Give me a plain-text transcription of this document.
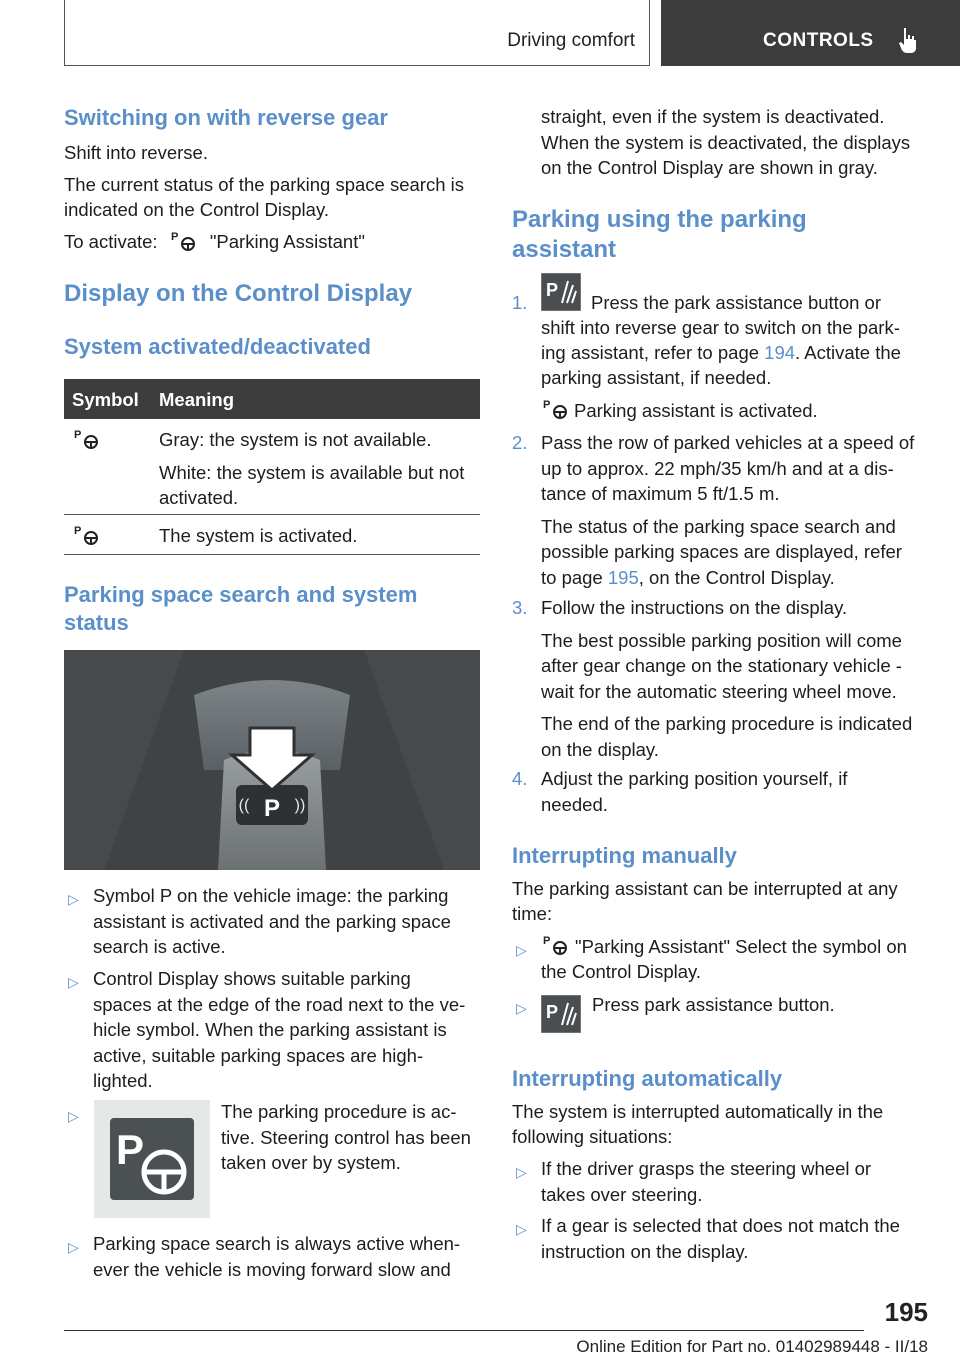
Driving comfort	CONTROLS
Switching on with reverse gear
Shift into reverse.
The current status of the parking space search is
indicated on the Control Display.
To activate: P "Parking Assistant"
Display on the Control Display
System activated/deactivated
Symbol Meaning
P	Gray: the system is not available.
White: the system is available but not
activated.
P	The system is activated.
Parking space search and system
status
P
((	))
▷ Symbol P on the vehicle image: the parking
assistant is activated and the parking space
search is active.
▷ Control Display shows suitable parking
spaces at the edge of the road next to the ve-
hicle symbol. When the parking assistant is
active, suitable parking spaces are high-
lighted.
▷
P
The parking procedure is ac-
tive. Steering control has been
taken over by system.
▷ Parking space search is always active when-
ever the vehicle is moving forward slow and
straight, even if the system is deactivated.
When the system is deactivated, the displays
on the Control Display are shown in gray.
Parking using the parking
assistant
1.
P
Press the park assistance button or
shift into reverse gear to switch on the park-
ing assistant, refer to page 194. Activate the
parking assistant, if needed.
P Parking assistant is activated.
2. Pass the row of parked vehicles at a speed of
up to approx. 22 mph/35 km/h and at a dis-
tance of maximum 5 ft/1.5 m.
The status of the parking space search and
possible parking spaces are displayed, refer
to page 195, on the Control Display.
3. Follow the instructions on the display.
The best possible parking position will come
after gear change on the stationary vehicle -
wait for the automatic steering wheel move.
The end of the parking procedure is indicated
on the display.
4. Adjust the parking position yourself, if
needed.
Interrupting manually
The parking assistant can be interrupted at any
time:
▷
P "Parking Assistant" Select the symbol on
the Control Display.
▷ P Press park assistance button.
Interrupting automatically
The system is interrupted automatically in the
following situations:
▷ If the driver grasps the steering wheel or
takes over steering.
▷ If a gear is selected that does not match the
instruction on the display.
195
Online Edition for Part no. 01402989448 - II/18
